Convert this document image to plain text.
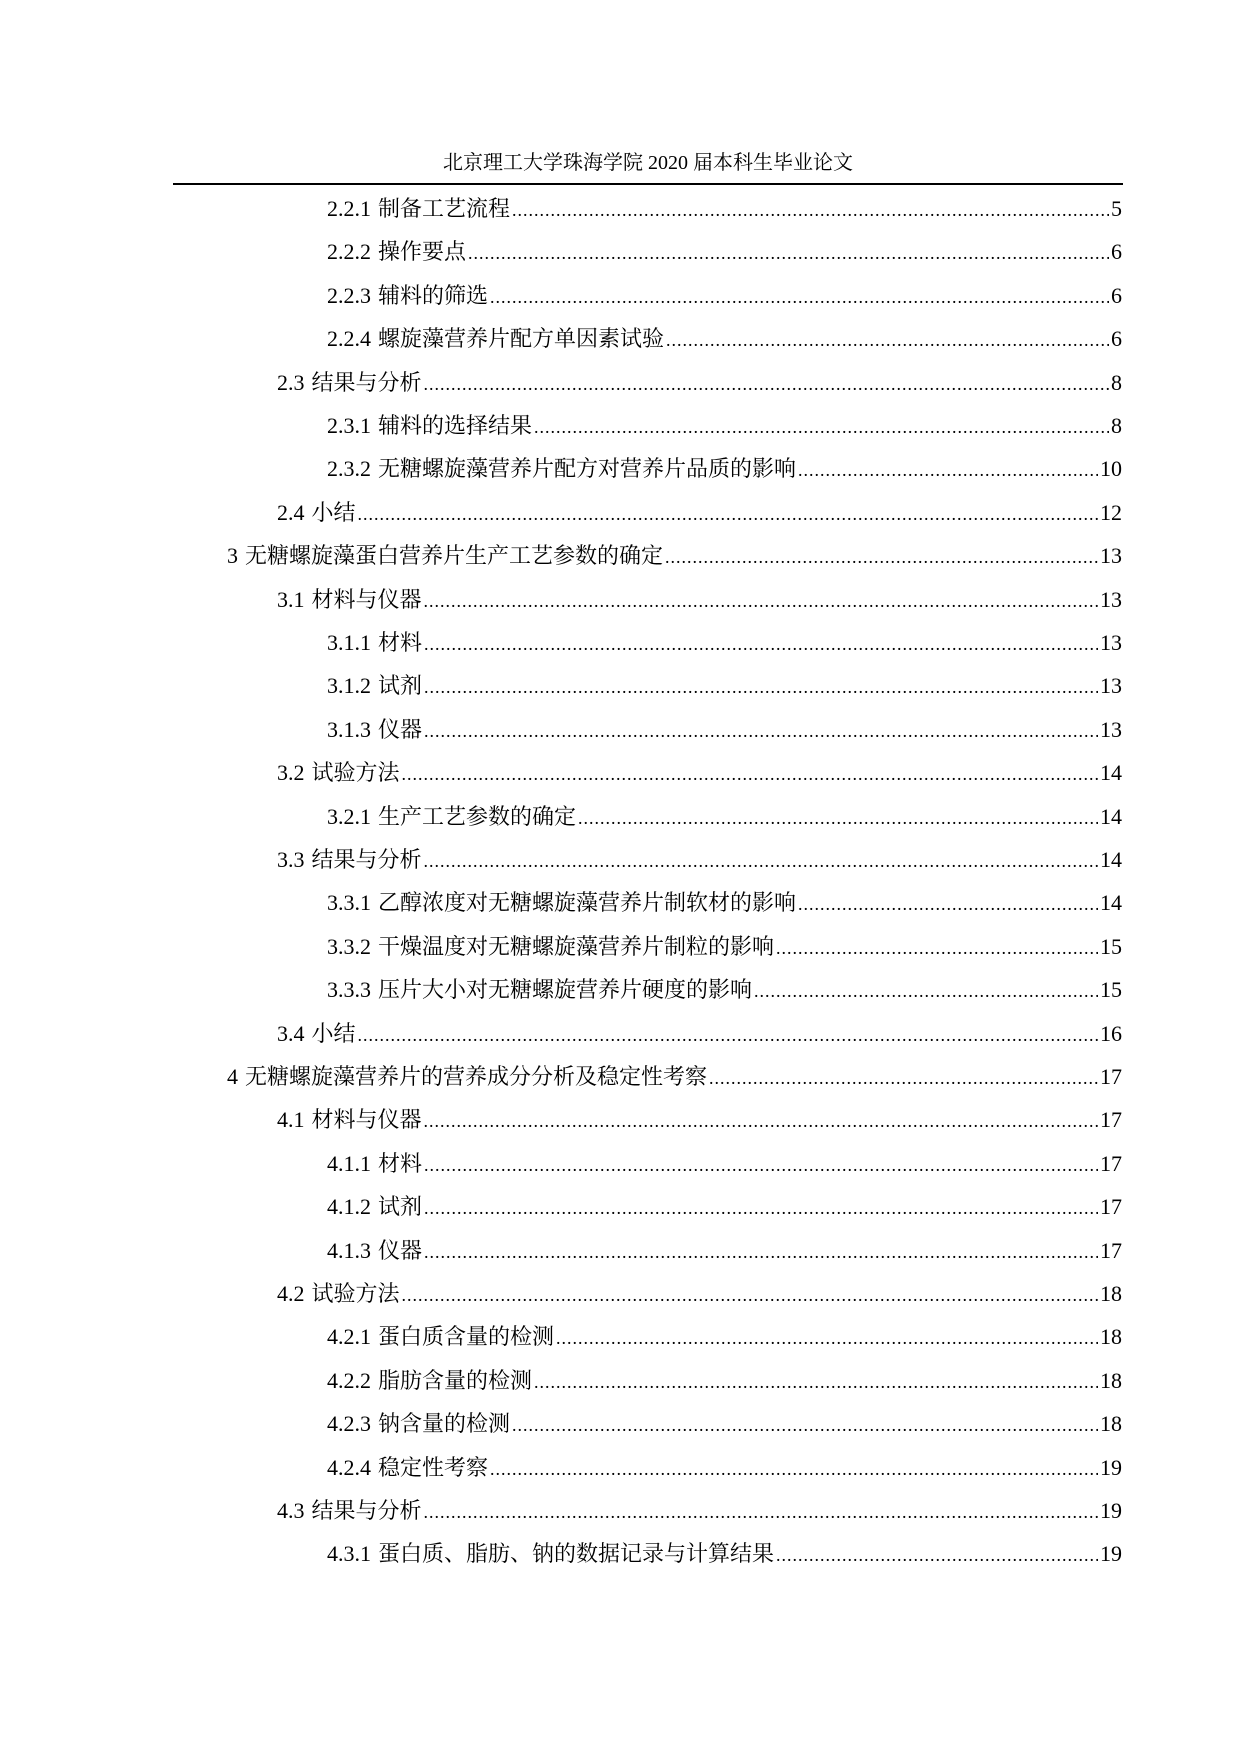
北京理工大学珠海学院 2020 届本科生毕业论文
2.2.1 制备工艺流程 .....	5
2.2.2 操作要点 .....	6
2.2.3 辅料的筛选 .....	6
2.2.4 螺旋藻营养片配方单因素试验 .....	6
2.3 结果与分析 .....	8
2.3.1 辅料的选择结果 .....	8
2.3.2 无糖螺旋藻营养片配方对营养片品质的影响 .....	10
2.4 小结 .....	12
3 无糖螺旋藻蛋白营养片生产工艺参数的确定 .....	13
3.1 材料与仪器 .....	13
3.1.1 材料 .....	13
3.1.2 试剂 .....	13
3.1.3 仪器 .....	13
3.2 试验方法 .....	14
3.2.1 生产工艺参数的确定 .....	14
3.3 结果与分析 .....	14
3.3.1 乙醇浓度对无糖螺旋藻营养片制软材的影响 .....	14
3.3.2 干燥温度对无糖螺旋藻营养片制粒的影响 .....	15
3.3.3 压片大小对无糖螺旋营养片硬度的影响 .....	15
3.4 小结 .....	16
4 无糖螺旋藻营养片的营养成分分析及稳定性考察 .....	17
4.1 材料与仪器 .....	17
4.1.1 材料 .....	17
4.1.2 试剂 .....	17
4.1.3 仪器 .....	17
4.2 试验方法 .....	18
4.2.1 蛋白质含量的检测 .....	18
4.2.2 脂肪含量的检测 .....	18
4.2.3 钠含量的检测 .....	18
4.2.4 稳定性考察 .....	19
4.3 结果与分析 .....	19
4.3.1 蛋白质、脂肪、钠的数据记录与计算结果 .....	19
